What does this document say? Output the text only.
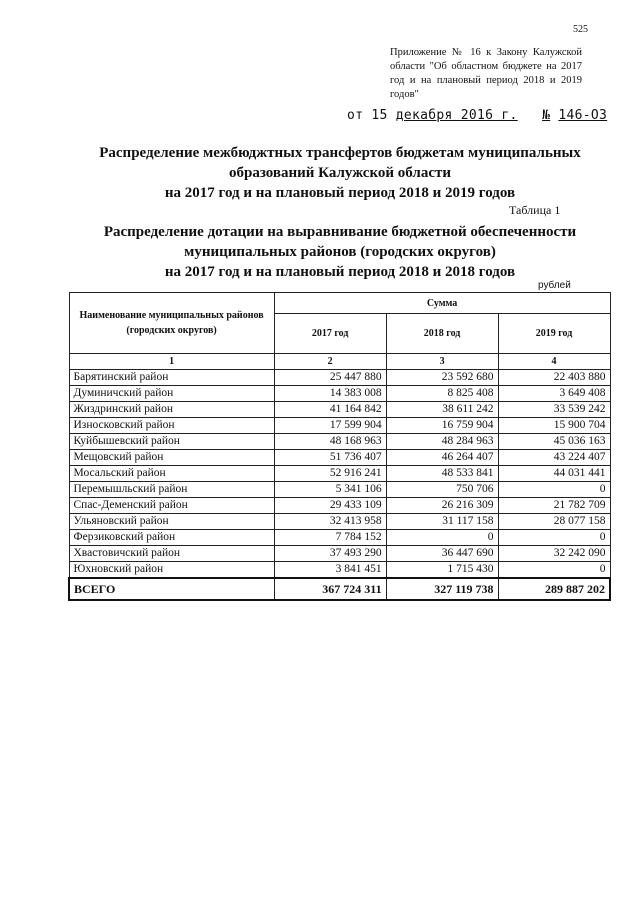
525
Приложение № 16 к Закону Калужской области "Об областном бюджете на 2017 год и на плановый период 2018 и 2019 годов"
от 15 декабря 2016 г. № 146-ОЗ
Распределение межбюджтных трансфертов бюджетам муниципальных
образований Калужской области
на 2017 год и на плановый период 2018 и 2019 годов
Таблица 1
Распределение дотации на выравнивание бюджетной обеспеченности
муниципальных районов (городских округов)
на 2017 год и на плановый период 2018 и 2018 годов
рублей
Наименование муниципальных районов (городских округов)	Сумма		
	2017 год	2018 год	2019 год
1	2	3	4
Барятинский район	25 447 880	23 592 680	22 403 880
Думиничский район	14 383 008	8 825 408	3 649 408
Жиздринский район	41 164 842	38 611 242	33 539 242
Износковский район	17 599 904	16 759 904	15 900 704
Куйбышевский район	48 168 963	48 284 963	45 036 163
Мещовский район	51 736 407	46 264 407	43 224 407
Мосальский район	52 916 241	48 533 841	44 031 441
Перемышльский район	5 341 106	750 706	0
Спас-Деменский район	29 433 109	26 216 309	21 782 709
Ульяновский район	32 413 958	31 117 158	28 077 158
Ферзиковский район	7 784 152	0	0
Хвастовичский район	37 493 290	36 447 690	32 242 090
Юхновский район	3 841 451	1 715 430	0
ВСЕГО	367 724 311	327 119 738	289 887 202
